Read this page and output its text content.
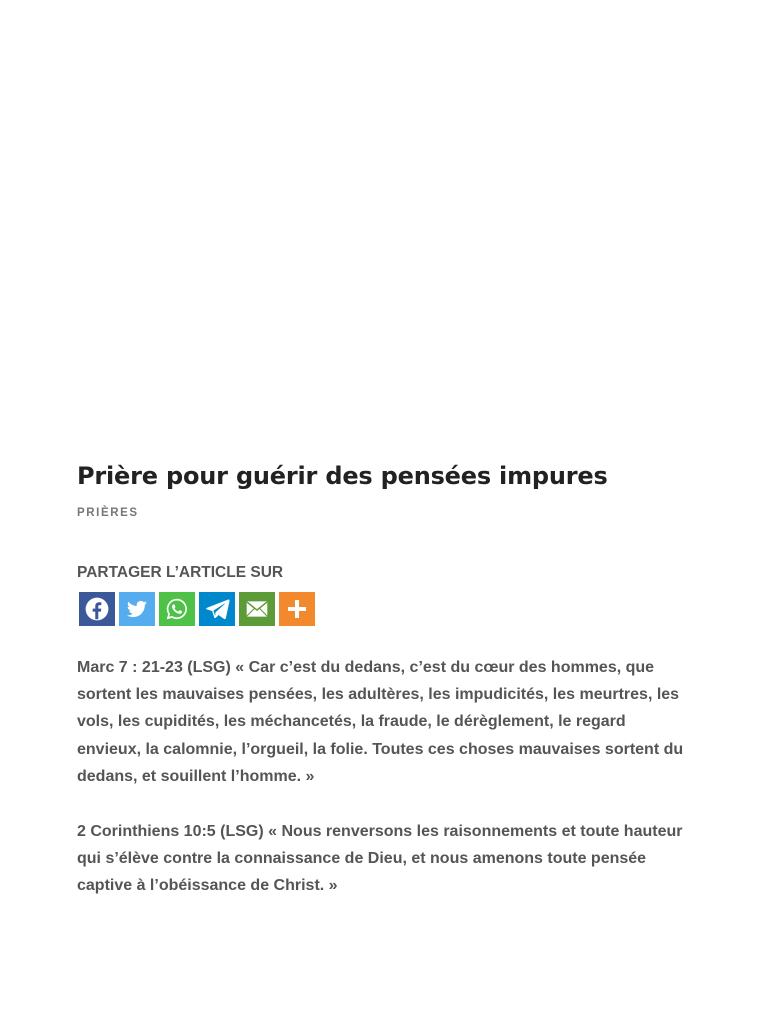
Prière pour guérir des pensées impures
PRIÈRES
PARTAGER L’ARTICLE SUR

Marc 7 : 21-23 (LSG) « Car c’est du dedans, c’est du cœur des hommes, que sortent les mauvaises pensées, les adultères, les impudicités, les meurtres, les vols, les cupidités, les méchancetés, la fraude, le dérèglement, le regard envieux, la calomnie, l’orgueil, la folie. Toutes ces choses mauvaises sortent du dedans, et souillent l’homme. »

2 Corinthiens 10:5 (LSG) « Nous renversons les raisonnements et toute hauteur qui s’élève contre la connaissance de Dieu, et nous amenons toute pensée captive à l’obéissance de Christ. »
